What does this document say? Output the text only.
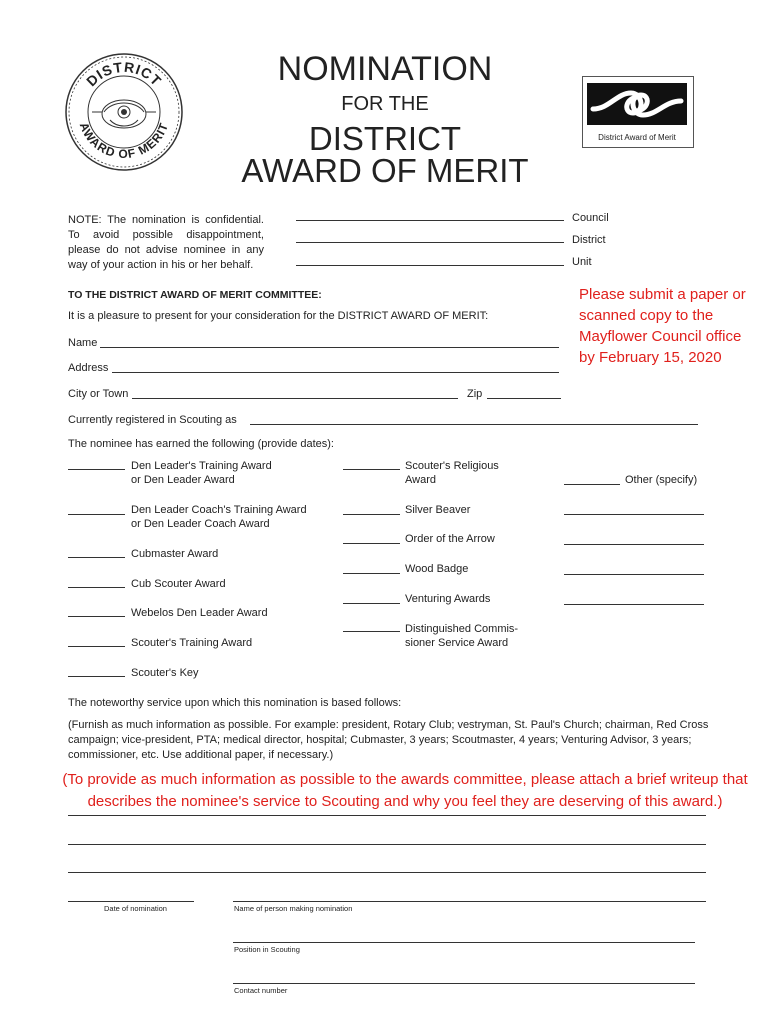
DISTRICT
AWARD OF MERIT
NOMINATION
FOR THE
DISTRICT
AWARD OF MERIT
District Award of Merit
NOTE: The nomination is confidential. To avoid possible disappointment, please do not advise nominee in any way of your action in his or her behalf.
Council
District
Unit
TO THE DISTRICT AWARD OF MERIT COMMITTEE:
It is a pleasure to present for your consideration for the DISTRICT AWARD OF MERIT:
Please submit a paper or
scanned copy to the
Mayflower Council office
by February 15, 2020
Name
Address
City or Town	Zip
Currently registered in Scouting as
The nominee has earned the following (provide dates):
Den Leader's Training Award
or Den Leader Award
Den Leader Coach's Training Award
or Den Leader Coach Award
Cubmaster Award
Cub Scouter Award
Webelos Den Leader Award
Scouter's Training Award
Scouter's Key
Scouter's Religious
Award
Silver Beaver
Order of the Arrow
Wood Badge
Venturing Awards
Distinguished Commis-
sioner Service Award
Other (specify)
The noteworthy service upon which this nomination is based follows:
(Furnish as much information as possible. For example: president, Rotary Club; vestryman, St. Paul's Church; chairman, Red Cross campaign; vice-president, PTA; medical director, hospital; Cubmaster, 3 years; Scoutmaster, 4 years; Venturing Advisor, 3 years; commissioner, etc. Use additional paper, if necessary.)
(To provide as much information as possible to the awards committee, please attach a brief writeup that describes the nominee's service to Scouting and why you feel they are deserving of this award.)
Date of nomination	Name of person making nomination
Position in Scouting
Contact number
